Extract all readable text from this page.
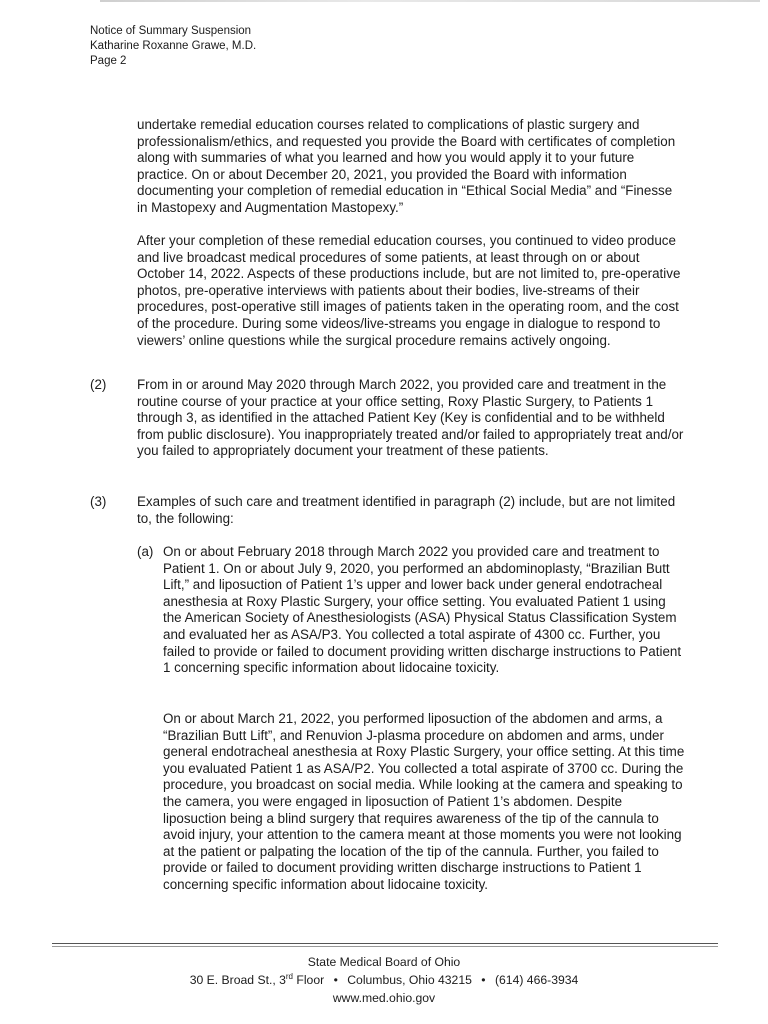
Notice of Summary Suspension
Katharine Roxanne Grawe, M.D.
Page 2

undertake remedial education courses related to complications of plastic surgery and professionalism/ethics, and requested you provide the Board with certificates of completion along with summaries of what you learned and how you would apply it to your future practice. On or about December 20, 2021, you provided the Board with information documenting your completion of remedial education in “Ethical Social Media” and “Finesse in Mastopexy and Augmentation Mastopexy.”

After your completion of these remedial education courses, you continued to video produce and live broadcast medical procedures of some patients, at least through on or about October 14, 2022. Aspects of these productions include, but are not limited to, pre-operative photos, pre-operative interviews with patients about their bodies, live-streams of their procedures, post-operative still images of patients taken in the operating room, and the cost of the procedure. During some videos/live-streams you engage in dialogue to respond to viewers’ online questions while the surgical procedure remains actively ongoing.

(2) From in or around May 2020 through March 2022, you provided care and treatment in the routine course of your practice at your office setting, Roxy Plastic Surgery, to Patients 1 through 3, as identified in the attached Patient Key (Key is confidential and to be withheld from public disclosure). You inappropriately treated and/or failed to appropriately treat and/or you failed to appropriately document your treatment of these patients.

(3) Examples of such care and treatment identified in paragraph (2) include, but are not limited to, the following:

(a) On or about February 2018 through March 2022 you provided care and treatment to Patient 1. On or about July 9, 2020, you performed an abdominoplasty, “Brazilian Butt Lift,” and liposuction of Patient 1’s upper and lower back under general endotracheal anesthesia at Roxy Plastic Surgery, your office setting. You evaluated Patient 1 using the American Society of Anesthesiologists (ASA) Physical Status Classification System and evaluated her as ASA/P3. You collected a total aspirate of 4300 cc. Further, you failed to provide or failed to document providing written discharge instructions to Patient 1 concerning specific information about lidocaine toxicity.

On or about March 21, 2022, you performed liposuction of the abdomen and arms, a “Brazilian Butt Lift”, and Renuvion J-plasma procedure on abdomen and arms, under general endotracheal anesthesia at Roxy Plastic Surgery, your office setting. At this time you evaluated Patient 1 as ASA/P2. You collected a total aspirate of 3700 cc. During the procedure, you broadcast on social media. While looking at the camera and speaking to the camera, you were engaged in liposuction of Patient 1’s abdomen. Despite liposuction being a blind surgery that requires awareness of the tip of the cannula to avoid injury, your attention to the camera meant at those moments you were not looking at the patient or palpating the location of the tip of the cannula. Further, you failed to provide or failed to document providing written discharge instructions to Patient 1 concerning specific information about lidocaine toxicity.

State Medical Board of Ohio
30 E. Broad St., 3rd Floor • Columbus, Ohio 43215 • (614) 466-3934
www.med.ohio.gov
